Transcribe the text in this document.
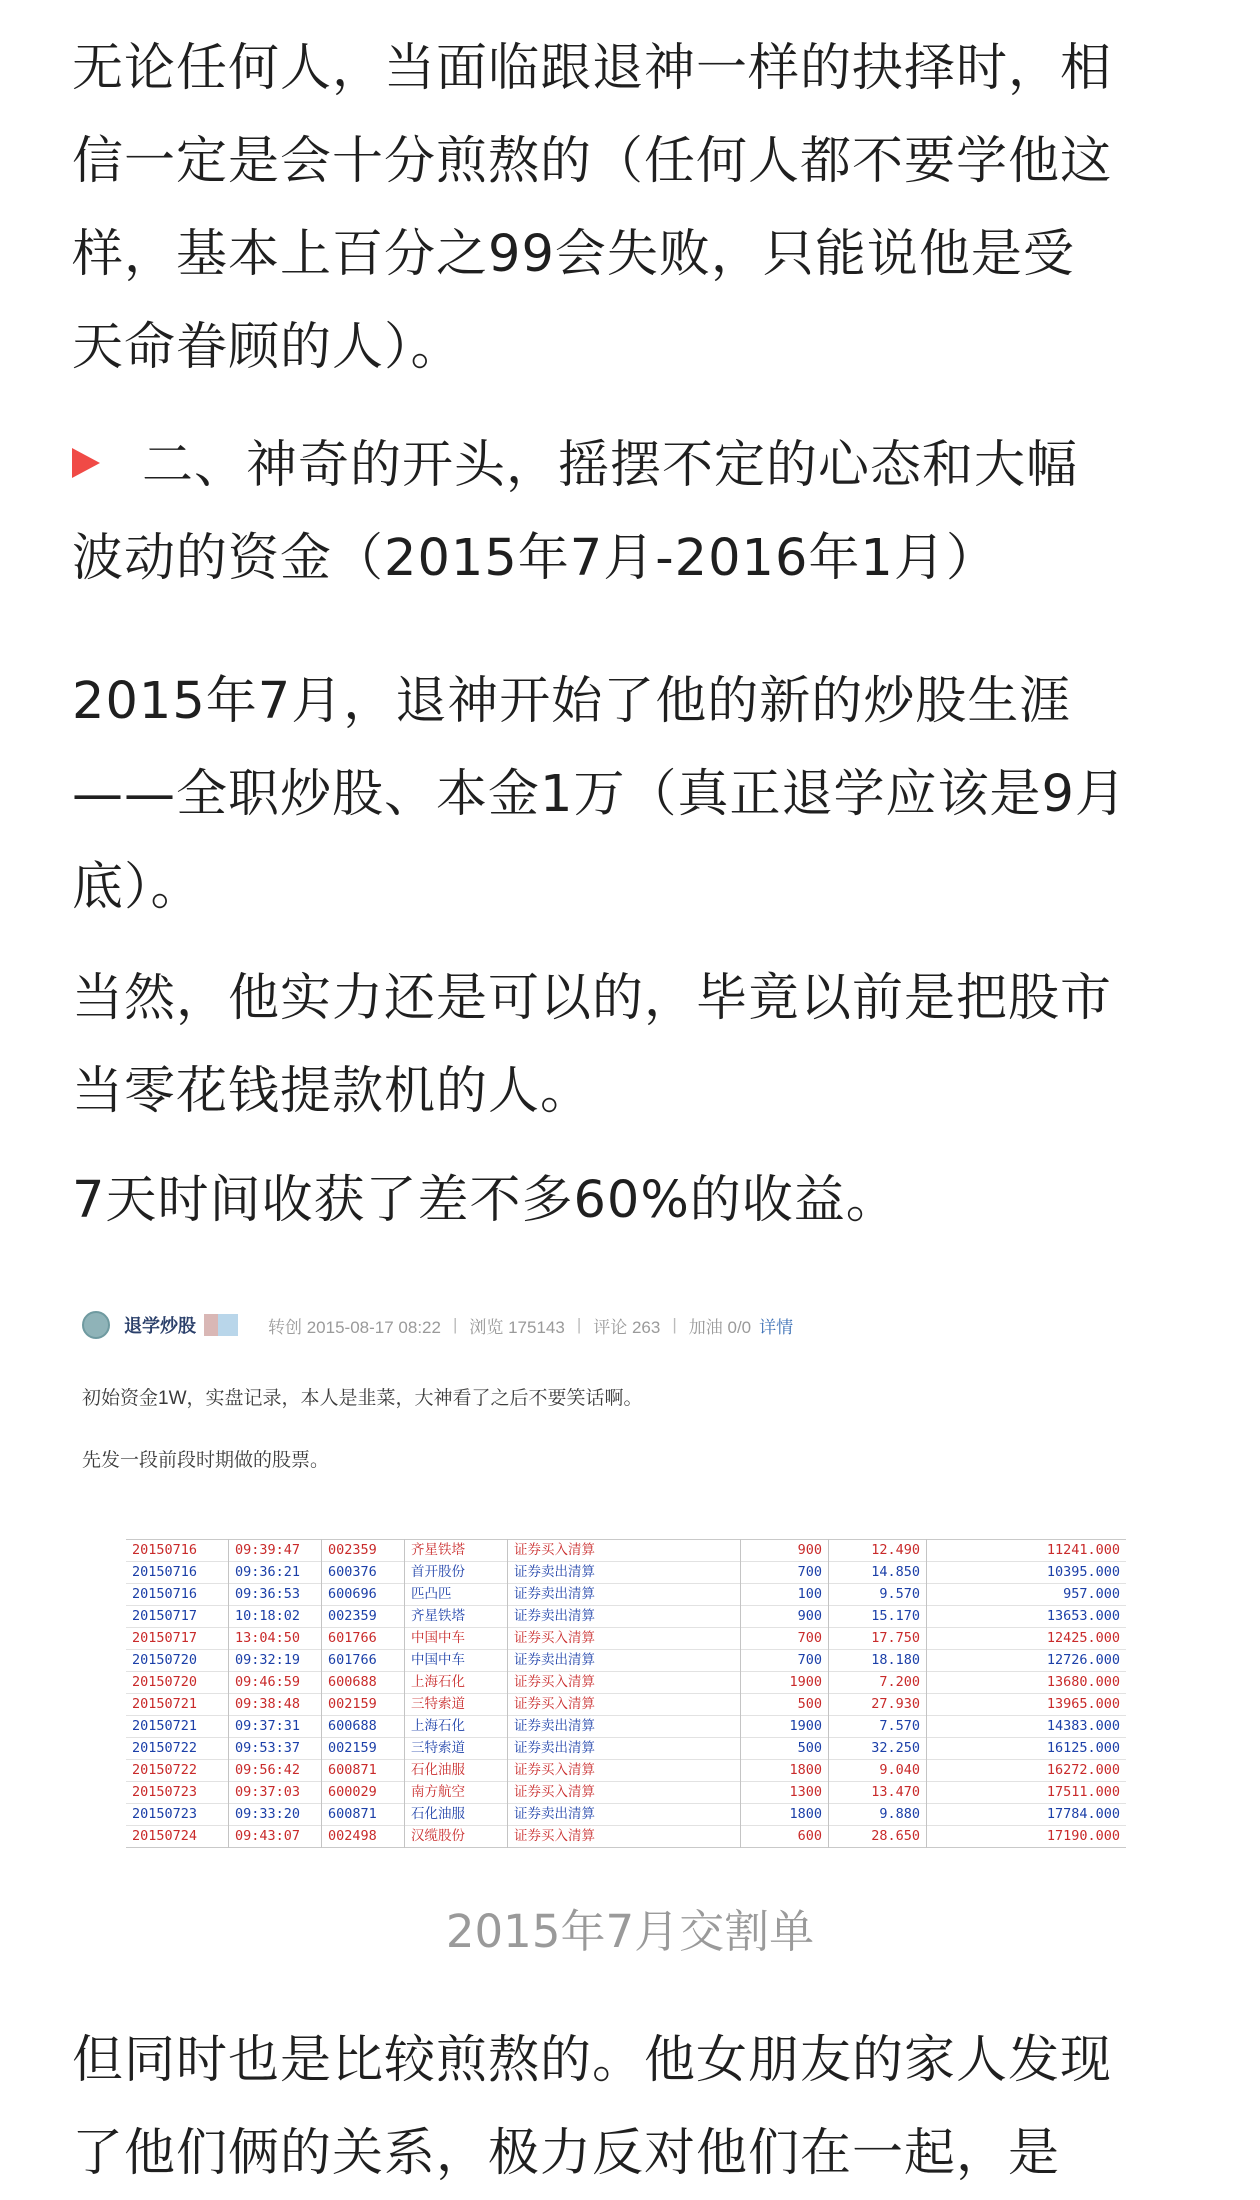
无论任何人，当面临跟退神一样的抉择时，相
信一定是会十分煎熬的（任何人都不要学他这
样，基本上百分之99会失败，只能说他是受
天命眷顾的人）。
二、神奇的开头，摇摆不定的心态和大幅
波动的资金（2015年7月-2016年1月）
2015年7月，退神开始了他的新的炒股生涯
——全职炒股、本金1万（真正退学应该是9月
底）。
当然，他实力还是可以的，毕竟以前是把股市
当零花钱提款机的人。
7天时间收获了差不多60%的收益。
退学炒股	转创 2015-08-17 08:22 | 浏览 175143 | 评论 263 | 加油 0/0 详情
初始资金1W，实盘记录，本人是韭菜，大神看了之后不要笑话啊。
先发一段前段时期做的股票。
20150716	09:39:47	002359	齐星铁塔	证券买入清算	900	12.490	11241.000
20150716	09:36:21	600376	首开股份	证券卖出清算	700	14.850	10395.000
20150716	09:36:53	600696	匹凸匹	证券卖出清算	100	9.570	957.000
20150717	10:18:02	002359	齐星铁塔	证券卖出清算	900	15.170	13653.000
20150717	13:04:50	601766	中国中车	证券买入清算	700	17.750	12425.000
20150720	09:32:19	601766	中国中车	证券卖出清算	700	18.180	12726.000
20150720	09:46:59	600688	上海石化	证券买入清算	1900	7.200	13680.000
20150721	09:38:48	002159	三特索道	证券买入清算	500	27.930	13965.000
20150721	09:37:31	600688	上海石化	证券卖出清算	1900	7.570	14383.000
20150722	09:53:37	002159	三特索道	证券卖出清算	500	32.250	16125.000
20150722	09:56:42	600871	石化油服	证券买入清算	1800	9.040	16272.000
20150723	09:37:03	600029	南方航空	证券买入清算	1300	13.470	17511.000
20150723	09:33:20	600871	石化油服	证券卖出清算	1800	9.880	17784.000
20150724	09:43:07	002498	汉缆股份	证券买入清算	600	28.650	17190.000
2015年7月交割单
但同时也是比较煎熬的。他女朋友的家人发现
了他们俩的关系，极力反对他们在一起，是
